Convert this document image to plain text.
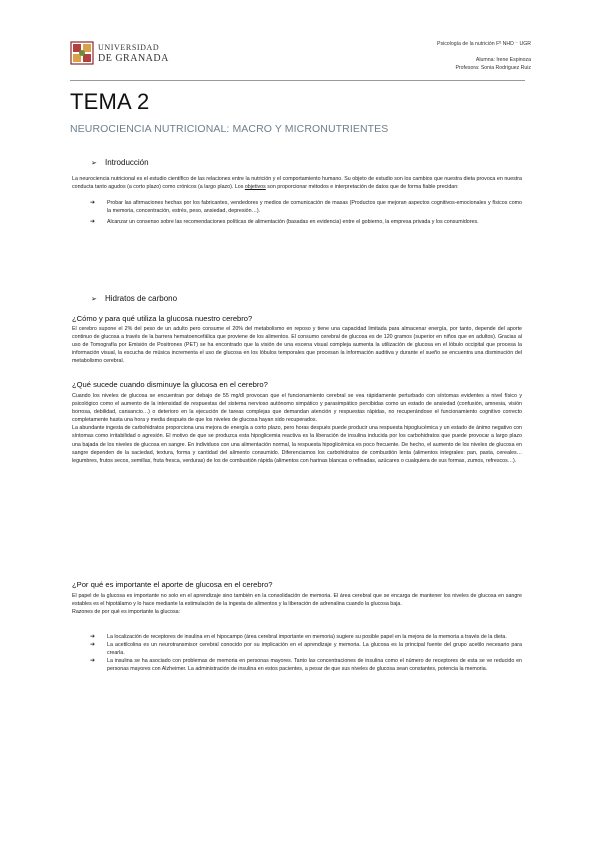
UNIVERSIDAD
DE GRANADA
Psicología de la nutrición Fº NHD ⁻ UGR
Alumna: Irene Espinoza
Profesora: Sonia Rodriguez Ruiz
TEMA 2
NEUROCIENCIA NUTRICIONAL: MACRO Y MICRONUTRIENTES
➢ Introducción

La neurociencia nutricional es el estudio científico de las relaciones entre la nutrición y el comportamiento humano. Su objeto de estudio son los cambios que nuestra dieta provoca en nuestra conducta tanto agudos (a corto plazo) como crónicos (a largo plazo). Los objetivos son proporcionar métodos e interpretación de datos que de forma fiable precidan:

➔ Probar las afirmaciones hechas por los fabricantes, vendedores y medios de comunicación de masas (Productos que mejoran aspectos cognitivos-emocionales y físicos como la memoria, concentración, estrés, peso, ansiedad, depresión…).
➔ Alcanzar un consenso sobre las recomendaciones políticas de alimentación (basadas en evidencia) entre el gobierno, la empresa privada y los consumidores.
➢ Hidratos de carbono
¿Cómo y para qué utiliza la glucosa nuestro cerebro?

El cerebro supone el 2% del peso de un adulto pero consume el 20% del metabolismo en reposo y tiene una capacidad limitada para almacenar energía, por tanto, depende del aporte continuo de glucosa a través de la barrera hematoencefálica que proviene de los alimentos. El consumo cerebral de glucosa es de 120 gramos (superior en niños que en adultos). Gracias al uso de Tomografía por Emisión de Positrones (PET) se ha encontrado que la visión de una escena visual compleja aumenta la utilización de glucosa en el lóbulo occipital que procesa la información visual, la escucha de música incrementa el uso de glucosa en los lóbulos temporales que procesan la información auditiva y durante el sueño se encuentra una disminución del metabolismo cerebral.

¿Qué sucede cuando disminuye la glucosa en el cerebro?

Cuando los niveles de glucosa se encuentran por debajo de 55 mg/dl provocan que el funcionamiento cerebral se vea rápidamente perturbado con síntomas evidentes a nivel físico y psicológico como el aumento de la intensidad de respuestas del sistema nervioso autónomo simpático y parasimpático percibidas como un estado de ansiedad (confusión, amnesia, visión borrosa, debilidad, cansancio…) o deterioro en la ejecución de tareas complejas que demandan atención y respuestas rápidas, no recuperándose el funcionamiento cognitivo correcto completamente hasta una hora y media después de que los niveles de glucosa hayan sido recuperados.

La abundante ingesta de carbohidratos proporciona una mejora de energía a corto plazo, pero horas después puede producir una respuesta hipoglucémica y un estado de ánimo negativo con síntomas como irritabilidad o agresión. El motivo de que se produzca esta hipoglicemia reactiva es la liberación de insulina inducida por los carbohidratos que puede provocar a largo plazo una bajada de los niveles de glucosa en sangre. En individuos con una alimentación normal, la respuesta hipoglicémica es poco frecuente. De hecho, el aumento de los niveles de glucosa en sangre dependen de la saciedad, textura, forma y cantidad del alimento consumido. Diferenciamos los carbohidratos de combustión lenta (alimentos integrales: pan, pasta, cereales… legumbres, frutos secos, semillas, fruta fresca, verduras) de los de combustión rápida (alimentos con harinas blancas o refinadas, azúcares o cualquiera de sus formas, zumos, refrescos…).

¿Por qué es importante el aporte de glucosa en el cerebro?

El papel de la glucosa es importante no solo en el aprendizaje sino también en la consolidación de memoria. El área cerebral que se encarga de mantener los niveles de glucosa en sangre estables es el hipotálamo y lo hace mediante la estimulación de la ingesta de alimentos y la liberación de adrenalina cuando la glucosa baja.

Razones de por qué es importante la glucosa:

➔ La localización de receptores de insulina en el hipocampo (área cerebral importante en memoria) sugiere su posible papel en la mejora de la memoria a través de la dieta.
➔ La acetilcolina es un neurotransmisor cerebral conocido por su implicación en el aprendizaje y memoria. La glucosa es la principal fuente del grupo acetilo necesario para crearla.
➔ La insulina se ha asociado con problemas de memoria en personas mayores. Tanto las concentraciones de insulina como el número de receptores de esta se ve reducido en personas mayores con Alzheimer. La administración de insulina en estos pacientes, a pesar de que sus niveles de glucosa sean constantes, potencia la memoria.
